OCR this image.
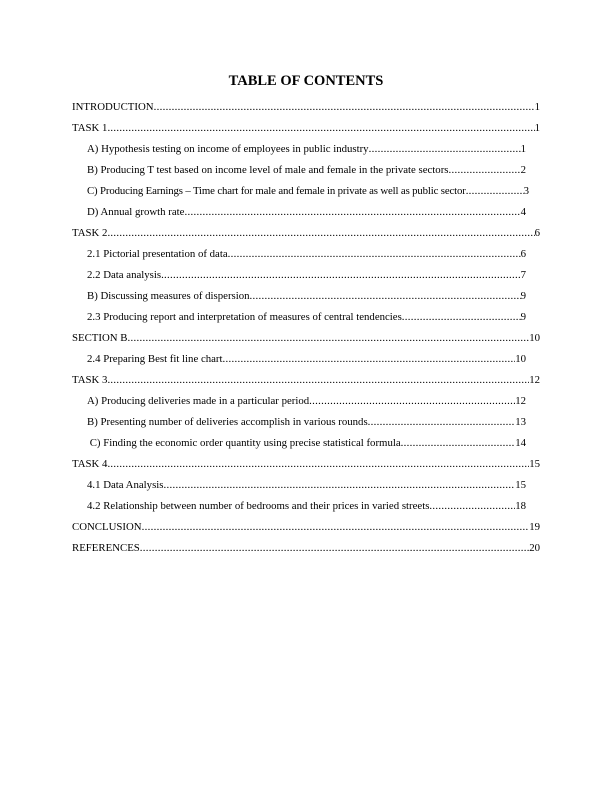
TABLE OF CONTENTS
INTRODUCTION .....	1
TASK 1 .....	1
A) Hypothesis testing on income of employees in public industry .....	1
B) Producing T test based on income level of male and female in the private sectors .....	2
C) Producing Earnings – Time chart for male and female in private as well as public sector .....	3
D) Annual growth rate .....	4
TASK 2 .....	6
2.1 Pictorial presentation of data .....	6
2.2 Data analysis .....	7
B) Discussing measures of dispersion .....	9
2.3 Producing report and interpretation of measures of central tendencies .....	9
SECTION B .....	10
2.4 Preparing Best fit line chart .....	10
TASK 3 .....	12
A) Producing deliveries made in a particular period .....	12
B) Presenting number of deliveries accomplish in various rounds .....	13
C) Finding the economic order quantity using precise statistical formula .....	14
TASK 4 .....	15
4.1 Data Analysis .....	15
4.2 Relationship between number of bedrooms and their prices in varied streets .....	18
CONCLUSION .....	19
REFERENCES .....	20
